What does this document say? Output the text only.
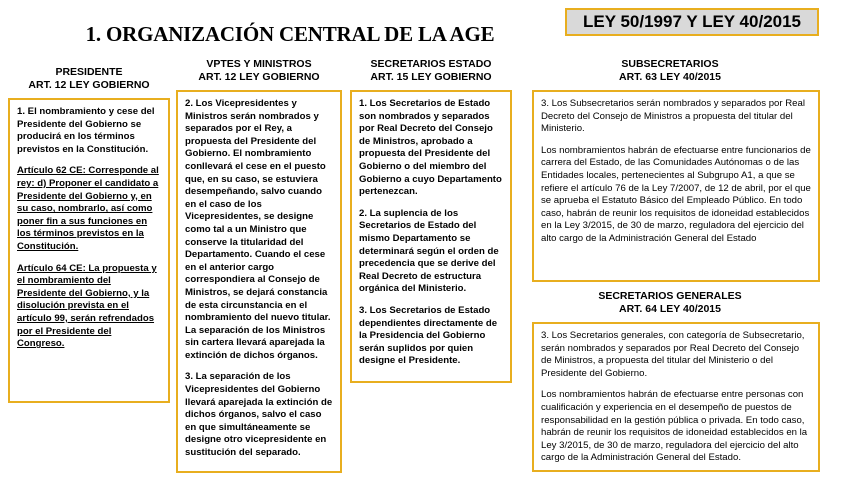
1. ORGANIZACIÓN CENTRAL DE LA AGE
LEY 50/1997 Y LEY 40/2015
PRESIDENTE
ART. 12 LEY GOBIERNO

1. El nombramiento y cese del Presidente del Gobierno se producirá en los términos previstos en la Constitución.

Artículo 62 CE: Corresponde al rey: d) Proponer el candidato a Presidente del Gobierno y, en su caso, nombrarlo, así como poner fin a sus funciones en los términos previstos en la Constitución.

Artículo 64 CE: La propuesta y el nombramiento del Presidente del Gobierno, y la disolución prevista en el artículo 99, serán refrendados por el Presidente del Congreso.

VPTES Y MINISTROS
ART. 12 LEY GOBIERNO

2. Los Vicepresidentes y Ministros serán nombrados y separados por el Rey, a propuesta del Presidente del Gobierno. El nombramiento conllevará el cese en el puesto que, en su caso, se estuviera desempeñando, salvo cuando en el caso de los Vicepresidentes, se designe como tal a un Ministro que conserve la titularidad del Departamento. Cuando el cese en el anterior cargo correspondiera al Consejo de Ministros, se dejará constancia de esta circunstancia en el nombramiento del nuevo titular. La separación de los Ministros sin cartera llevará aparejada la extinción de dichos órganos.

3. La separación de los Vicepresidentes del Gobierno llevará aparejada la extinción de dichos órganos, salvo el caso en que simultáneamente se designe otro vicepresidente en sustitución del separado.

SECRETARIOS ESTADO
ART. 15 LEY GOBIERNO

1. Los Secretarios de Estado son nombrados y separados por Real Decreto del Consejo de Ministros, aprobado a propuesta del Presidente del Gobierno o del miembro del Gobierno a cuyo Departamento pertenezcan.

2. La suplencia de los Secretarios de Estado del mismo Departamento se determinará según el orden de precedencia que se derive del Real Decreto de estructura orgánica del Ministerio.

3. Los Secretarios de Estado dependientes directamente de la Presidencia del Gobierno serán suplidos por quien designe el Presidente.

SUBSECRETARIOS
ART. 63 LEY 40/2015

3. Los Subsecretarios serán nombrados y separados por Real Decreto del Consejo de Ministros a propuesta del titular del Ministerio.

Los nombramientos habrán de efectuarse entre funcionarios de carrera del Estado, de las Comunidades Autónomas o de las Entidades locales, pertenecientes al Subgrupo A1, a que se refiere el artículo 76 de la Ley 7/2007, de 12 de abril, por el que se aprueba el Estatuto Básico del Empleado Público. En todo caso, habrán de reunir los requisitos de idoneidad establecidos en la Ley 3/2015, de 30 de marzo, reguladora del ejercicio del alto cargo de la Administración General del Estado

SECRETARIOS GENERALES
ART. 64 LEY 40/2015

3. Los Secretarios generales, con categoría de Subsecretario, serán nombrados y separados por Real Decreto del Consejo de Ministros, a propuesta del titular del Ministerio o del Presidente del Gobierno.

Los nombramientos habrán de efectuarse entre personas con cualificación y experiencia en el desempeño de puestos de responsabilidad en la gestión pública o privada. En todo caso, habrán de reunir los requisitos de idoneidad establecidos en la Ley 3/2015, de 30 de marzo, reguladora del ejercicio del alto cargo de la Administración General del Estado.
